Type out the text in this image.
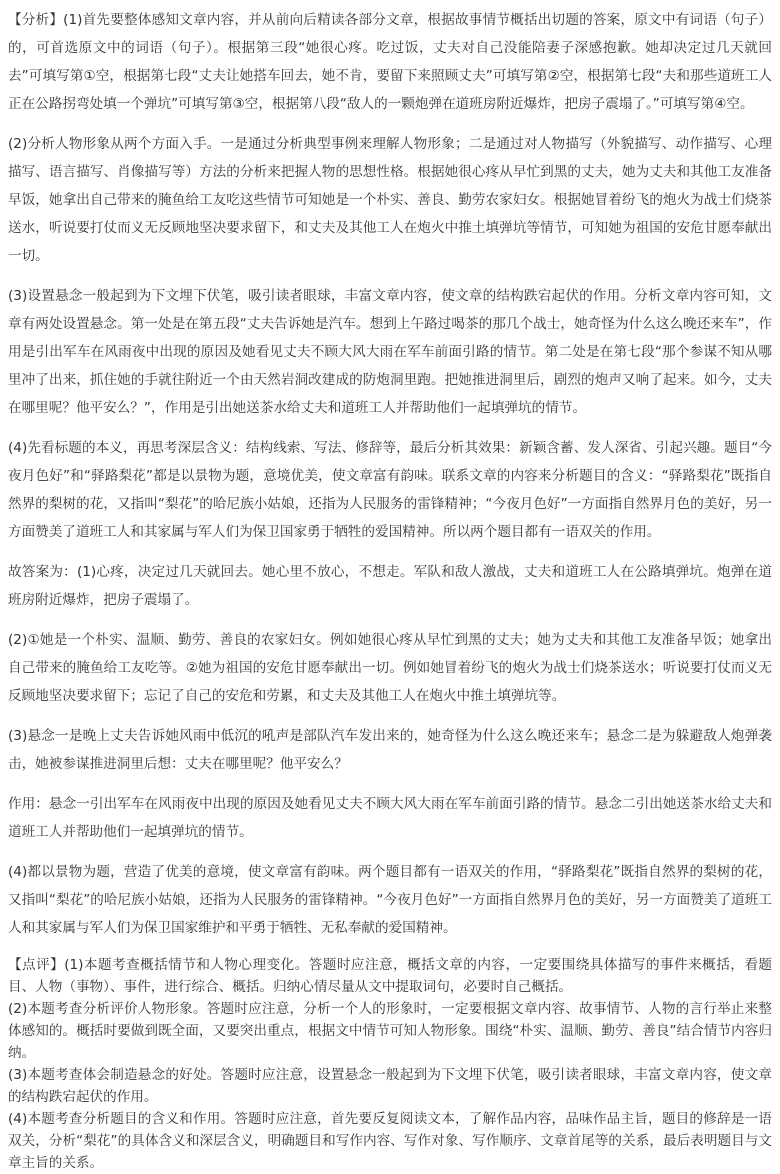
【分析】(1)首先要整体感知文章内容，并从前向后精读各部分文章，根据故事情节概括出切题的答案，原文中有词语（句子）的，可首选原文中的词语（句子）。根据第三段“她很心疼。吃过饭，丈夫对自己没能陪妻子深感抱歉。她却决定过几天就回去”可填写第①空，根据第七段“丈夫让她搭车回去，她不肯，要留下来照顾丈夫”可填写第②空，根据第七段“夫和那些道班工人正在公路拐弯处填一个弹坑”可填写第③空，根据第八段“敌人的一颗炮弹在道班房附近爆炸，把房子震塌了。”可填写第④空。

(2)分析人物形象从两个方面入手。一是通过分析典型事例来理解人物形象；二是通过对人物描写（外貌描写、动作描写、心理描写、语言描写、肖像描写等）方法的分析来把握人物的思想性格。根据她很心疼从早忙到黑的丈夫，她为丈夫和其他工友准备早饭，她拿出自己带来的腌鱼给工友吃这些情节可知她是一个朴实、善良、勤劳农家妇女。根据她冒着纷飞的炮火为战士们烧茶送水，听说要打仗而义无反顾地坚决要求留下，和丈夫及其他工人在炮火中推土填弹坑等情节，可知她为祖国的安危甘愿奉献出一切。

(3)设置悬念一般起到为下文埋下伏笔，吸引读者眼球，丰富文章内容，使文章的结构跌宕起伏的作用。分析文章内容可知，文章有两处设置悬念。第一处是在第五段“丈夫告诉她是汽车。想到上午路过喝茶的那几个战士，她奇怪为什么这么晚还来车”，作用是引出军车在风雨夜中出现的原因及她看见丈夫不顾大风大雨在军车前面引路的情节。第二处是在第七段“那个参谋不知从哪里冲了出来，抓住她的手就往附近一个由天然岩洞改建成的防炮洞里跑。把她推进洞里后，剧烈的炮声又响了起来。如今，丈夫在哪里呢？他平安么？”，作用是引出她送茶水给丈夫和道班工人并帮助他们一起填弹坑的情节。

(4)先看标题的本义，再思考深层含义：结构线索、写法、修辞等，最后分析其效果：新颖含蓄、发人深省、引起兴趣。题目“今夜月色好”和“驿路梨花”都是以景物为题，意境优美，使文章富有韵味。联系文章的内容来分析题目的含义：“驿路梨花”既指自然界的梨树的花，又指叫“梨花”的哈尼族小姑娘，还指为人民服务的雷锋精神；“今夜月色好”一方面指自然界月色的美好，另一方面赞美了道班工人和其家属与军人们为保卫国家勇于牺牲的爱国精神。所以两个题目都有一语双关的作用。

故答案为：(1)心疼，决定过几天就回去。她心里不放心，不想走。军队和敌人激战，丈夫和道班工人在公路填弹坑。炮弹在道班房附近爆炸，把房子震塌了。

(2)①她是一个朴实、温顺、勤劳、善良的农家妇女。例如她很心疼从早忙到黑的丈夫；她为丈夫和其他工友准备早饭；她拿出自己带来的腌鱼给工友吃等。②她为祖国的安危甘愿奉献出一切。例如她冒着纷飞的炮火为战士们烧茶送水；听说要打仗而义无反顾地坚决要求留下；忘记了自己的安危和劳累，和丈夫及其他工人在炮火中推土填弹坑等。

(3)悬念一是晚上丈夫告诉她风雨中低沉的吼声是部队汽车发出来的，她奇怪为什么这么晚还来车；悬念二是为躲避敌人炮弹袭击，她被参谋推进洞里后想：丈夫在哪里呢？他平安么？

作用：悬念一引出军车在风雨夜中出现的原因及她看见丈夫不顾大风大雨在军车前面引路的情节。悬念二引出她送茶水给丈夫和道班工人并帮助他们一起填弹坑的情节。

(4)都以景物为题，营造了优美的意境，使文章富有韵味。两个题目都有一语双关的作用，“驿路梨花”既指自然界的梨树的花，又指叫“梨花”的哈尼族小姑娘，还指为人民服务的雷锋精神。“今夜月色好”一方面指自然界月色的美好，另一方面赞美了道班工人和其家属与军人们为保卫国家维护和平勇于牺牲、无私奉献的爱国精神。

【点评】(1)本题考查概括情节和人物心理变化。答题时应注意，概括文章的内容，一定要围绕具体描写的事件来概括，看题目、人物（事物）、事件，进行综合、概括。归纳心情尽量从文中提取词句，必要时自己概括。

(2)本题考查分析评价人物形象。答题时应注意，分析一个人的形象时，一定要根据文章内容、故事情节、人物的言行举止来整体感知的。概括时要做到既全面，又要突出重点，根据文中情节可知人物形象。围绕“朴实、温顺、勤劳、善良”结合情节内容归纳。

(3)本题考查体会制造悬念的好处。答题时应注意，设置悬念一般起到为下文埋下伏笔，吸引读者眼球，丰富文章内容，使文章的结构跌宕起伏的作用。

(4)本题考查分析题目的含义和作用。答题时应注意，首先要反复阅读文本，了解作品内容，品味作品主旨，题目的修辞是一语双关，分析“梨花”的具体含义和深层含义，明确题目和写作内容、写作对象、写作顺序、文章首尾等的关系，最后表明题目与文章主旨的关系。
